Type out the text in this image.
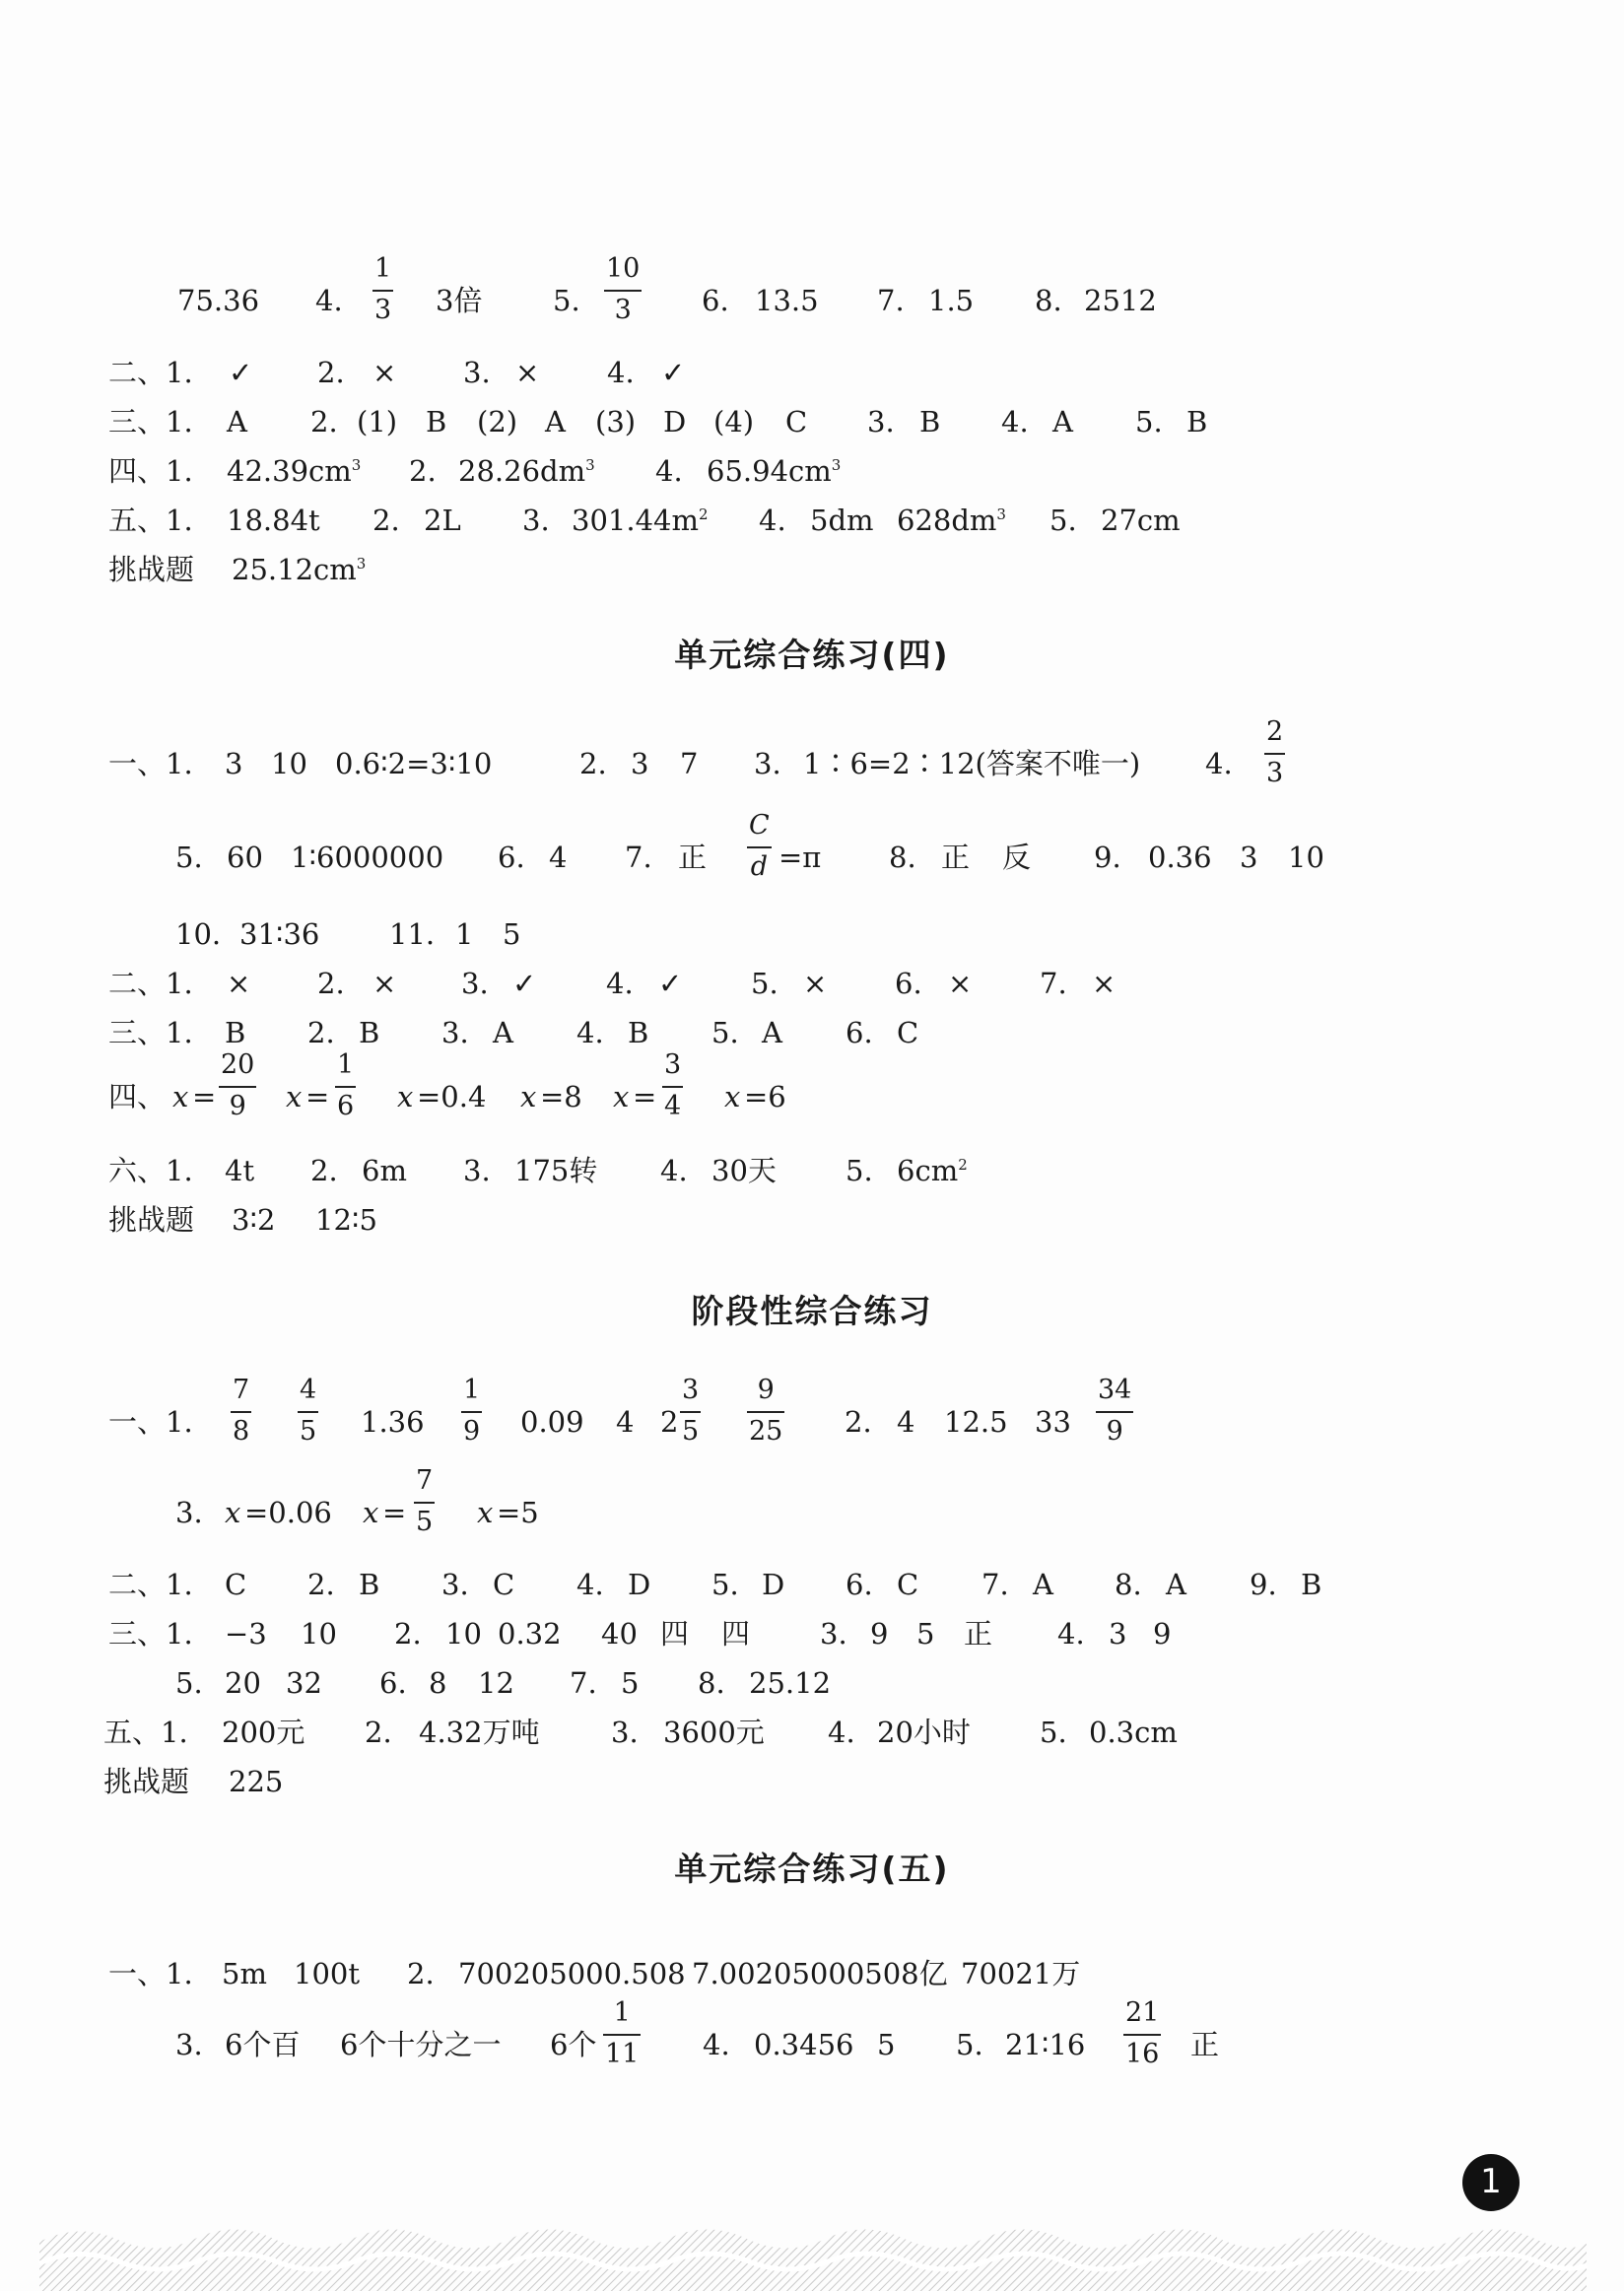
75.36 4.
1
3 3倍 5.
10
3 6. 13.5 7. 1.5 8. 2512
二、1. ✓ 2. × 3. × 4. ✓
三、1. A 2. (1) B (2) A (3) D (4) C 3. B 4. A 5. B
四、1. $42.39cm^3$ 2. $28.26dm^3$ 4. $65.94cm^3$
五、1. 18.84t 2. 2L 3. $301.44m^2$ 4. 5dm $628dm^3$ 5. 27cm
挑战题 $25.12cm^3$
单元综合练习(四)
一、1. 3 10 0.6∶2=3∶10	2. 3 7 3. 1∶6=2∶12(答案不唯一) 4.
2
3
5. 60 1∶6000000 6. 4 7. 正
C
d =π 8. 正 反 9. 0.36 3 10
10. 31∶36 11. 1 5
二、1. × 2. × 3. ✓ 4. ✓ 5. × 6. × 7. ×
三、1. B 2. B 3. A 4. B 5. A 6. C
四、 x =
20
9 x =
1
6 x =0.4 x =8 x =
3
4 x =6
六、1. 4t 2. 6m 3. 175转 4. 30天 5. $6cm^2$
挑战题 3∶2 12∶5
阶段性综合练习
一、1.
7
8
4
5 1.36
1
9 0.09 4 2
3
5
9
25 2. 4 12.5 33
34
9
3. x =0.06 x =
7
5 x =5
二、1. C 2. B 3. C 4. D 5. D 6. C 7. A 8. A 9. B
三、1. −3 10 2. 10 0.32 40 四 四 3. 9 5 正 4. 3 9
5. 20 32 6. 8 12 7. 5 8. 25.12
五、1. 200元 2. 4.32万吨 3. 3600元 4. 20小时 5. 0.3cm
挑战题 225
单元综合练习(五)
一、1. 5m 100t 2. 700205000.508 7.00205000508亿 70021万
3. 6个百 6个十分之一 6个
1
11 4. 0.3456 5 5. 21∶16
21
16 正
1
